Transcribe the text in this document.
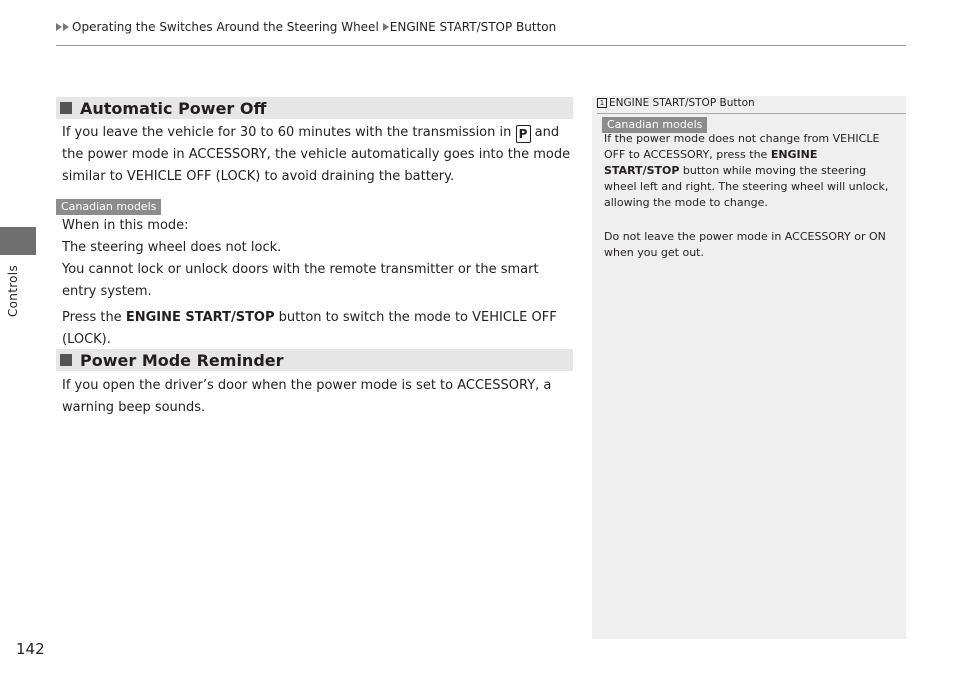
Operating the Switches Around the Steering Wheel ENGINE START/STOP Button
Controls
142
Automatic Power Off
If you leave the vehicle for 30 to 60 minutes with the transmission in P and the power mode in ACCESSORY, the vehicle automatically goes into the mode similar to VEHICLE OFF (LOCK) to avoid draining the battery.
Canadian models
When in this mode:
The steering wheel does not lock.
You cannot lock or unlock doors with the remote transmitter or the smart entry system.
Press the ENGINE START/STOP button to switch the mode to VEHICLE OFF (LOCK).
Power Mode Reminder
If you open the driver’s door when the power mode is set to ACCESSORY, a warning beep sounds.
1 ENGINE START/STOP Button
Canadian models
If the power mode does not change from VEHICLE OFF to ACCESSORY, press the ENGINE START/STOP button while moving the steering wheel left and right. The steering wheel will unlock, allowing the mode to change.
Do not leave the power mode in ACCESSORY or ON when you get out.
